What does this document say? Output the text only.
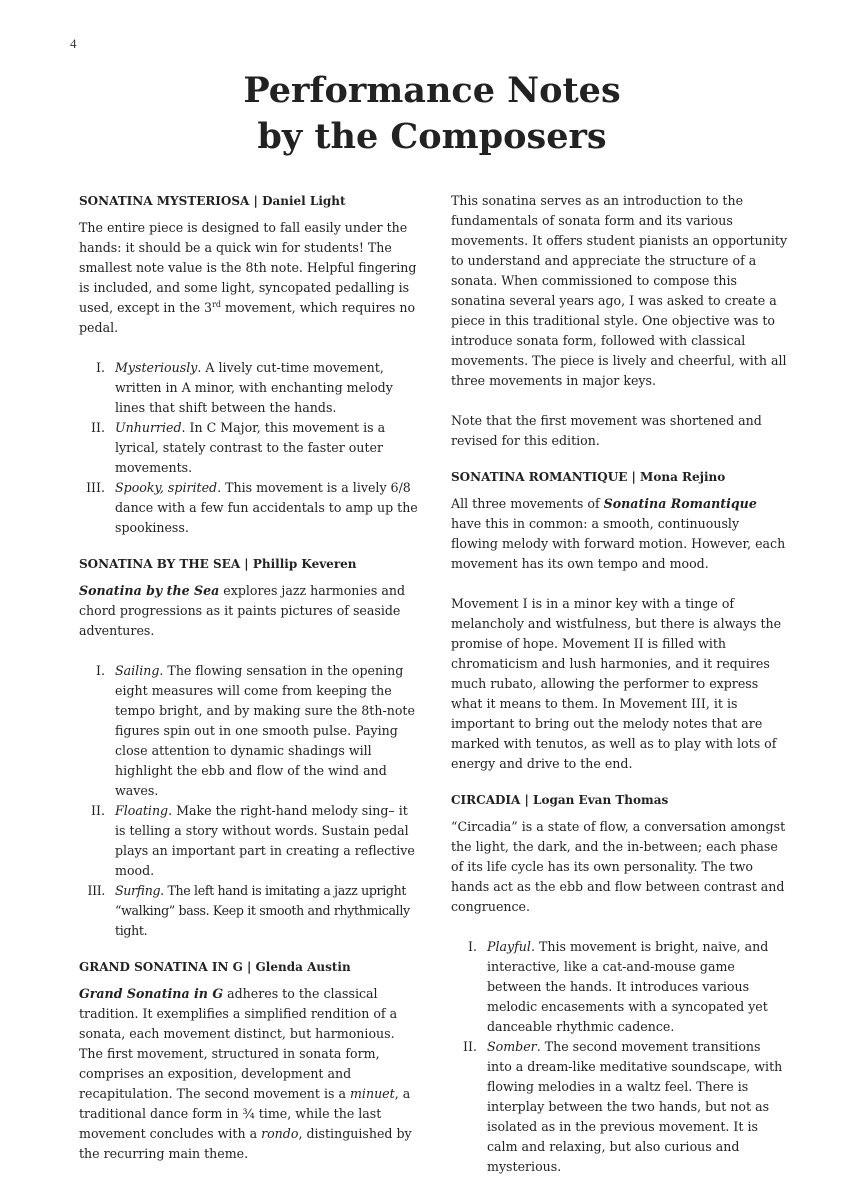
4
Performance Notes
by the Composers
SONATINA MYSTERIOSA | Daniel Light

The entire piece is designed to fall easily under the hands: it should be a quick win for students! The smallest note value is the 8th note. Helpful fingering is included, and some light, syncopated pedalling is used, except in the 3rd movement, which requires no pedal.

I. Mysteriously. A lively cut-time movement, written in A minor, with enchanting melody lines that shift between the hands.
II. Unhurried. In C Major, this movement is a lyrical, stately contrast to the faster outer movements.
III. Spooky, spirited. This movement is a lively 6/8 dance with a few fun accidentals to amp up the spookiness.
SONATINA BY THE SEA | Phillip Keveren

Sonatina by the Sea explores jazz harmonies and chord progressions as it paints pictures of seaside adventures.

I. Sailing. The flowing sensation in the opening eight measures will come from keeping the tempo bright, and by making sure the 8th-note figures spin out in one smooth pulse. Paying close attention to dynamic shadings will highlight the ebb and flow of the wind and waves.
II. Floating. Make the right-hand melody sing– it is telling a story without words. Sustain pedal plays an important part in creating a reflective mood.
III. Surfing. The left hand is imitating a jazz upright “walking” bass. Keep it smooth and rhythmically tight.
GRAND SONATINA IN G | Glenda Austin

Grand Sonatina in G adheres to the classical tradition. It exemplifies a simplified rendition of a sonata, each movement distinct, but harmonious. The first movement, structured in sonata form, comprises an exposition, development and recapitulation. The second movement is a minuet, a traditional dance form in ¾ time, while the last movement concludes with a rondo, distinguished by the recurring main theme.

This sonatina serves as an introduction to the fundamentals of sonata form and its various movements. It offers student pianists an opportunity to understand and appreciate the structure of a sonata. When commissioned to compose this sonatina several years ago, I was asked to create a piece in this traditional style. One objective was to introduce sonata form, followed with classical movements. The piece is lively and cheerful, with all three movements in major keys.

Note that the first movement was shortened and revised for this edition.

SONATINA ROMANTIQUE | Mona Rejino

All three movements of Sonatina Romantique have this in common: a smooth, continuously flowing melody with forward motion. However, each movement has its own tempo and mood.

Movement I is in a minor key with a tinge of melancholy and wistfulness, but there is always the promise of hope. Movement II is filled with chromaticism and lush harmonies, and it requires much rubato, allowing the performer to express what it means to them. In Movement III, it is important to bring out the melody notes that are marked with tenutos, as well as to play with lots of energy and drive to the end.

CIRCADIA | Logan Evan Thomas

“Circadia” is a state of flow, a conversation amongst the light, the dark, and the in-between; each phase of its life cycle has its own personality. The two hands act as the ebb and flow between contrast and congruence.

I. Playful. This movement is bright, naive, and interactive, like a cat-and-mouse game between the hands. It introduces various melodic encasements with a syncopated yet danceable rhythmic cadence.
II. Somber. The second movement transitions into a dream-like meditative soundscape, with flowing melodies in a waltz feel. There is interplay between the two hands, but not as isolated as in the previous movement. It is calm and relaxing, but also curious and mysterious.
